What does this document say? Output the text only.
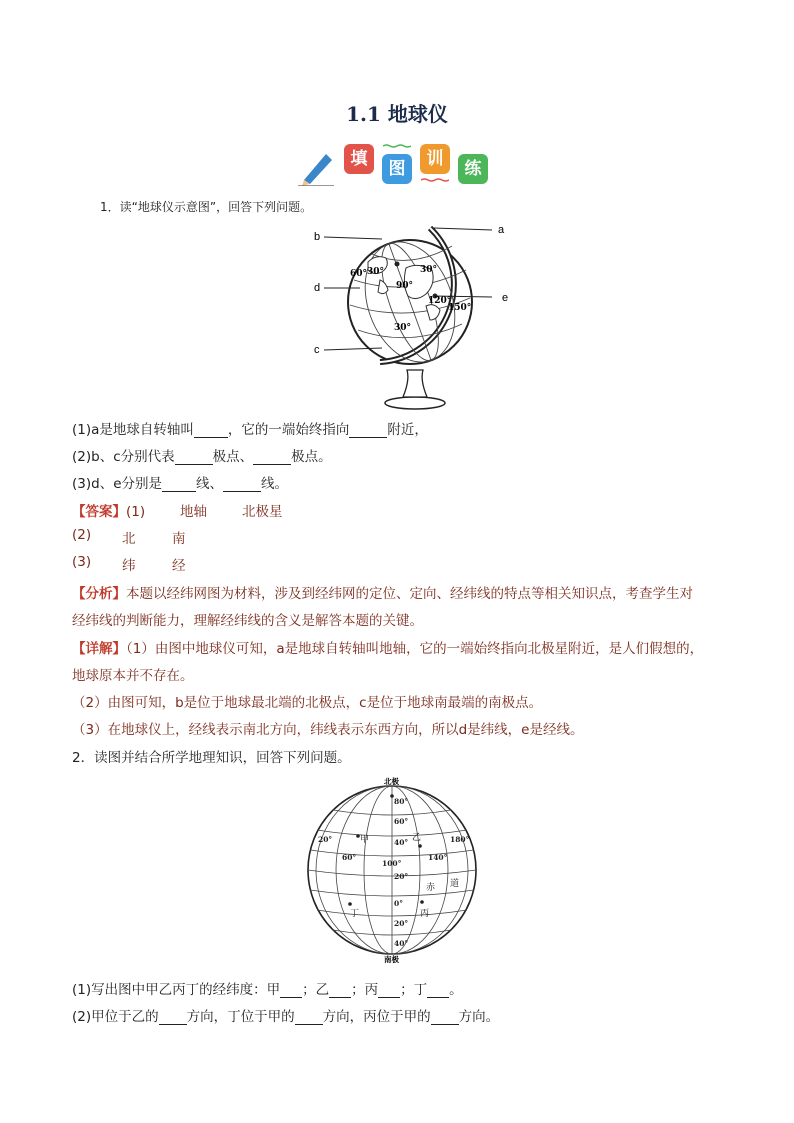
1.1 地球仪
填	图	训	练
1．读“地球仪示意图”，回答下列问题。
b
d
c
a
e
30°
60° 30°
90°
120°
150°
30°
(1)a是地球自转轴叫	，它的一端始终指向	附近，
(2)b、c分别代表	极点、	极点。
(3)d、e分别是	线、	线。
【答案】(1)	地轴	北极星
(2) 北	南
(3) 纬	经
【分析】本题以经纬网图为材料，涉及到经纬网的定位、定向、经纬线的特点等相关知识点，考查学生对
经纬线的判断能力，理解经纬线的含义是解答本题的关键。
【详解】（1）由图中地球仪可知，a是地球自转轴叫地轴，它的一端始终指向北极星附近，是人们假想的，
地球原本并不存在。
（2）由图可知，b是位于地球最北端的北极点，c是位于地球南最端的南极点。
（3）在地球仪上，经线表示南北方向，纬线表示东西方向，所以d是纬线，e是经线。
2．读图并结合所学地理知识，回答下列问题。
北极
南极
80°
60°
40°
20°
0°
20°
40°
20°
60°
100°
140°
180°
甲	乙
丙
丁
赤 道
(1)写出图中甲乙丙丁的经纬度：甲 ；乙 ；丙 ；丁 。
(2)甲位于乙的 方向，丁位于甲的 方向，丙位于甲的 方向。
